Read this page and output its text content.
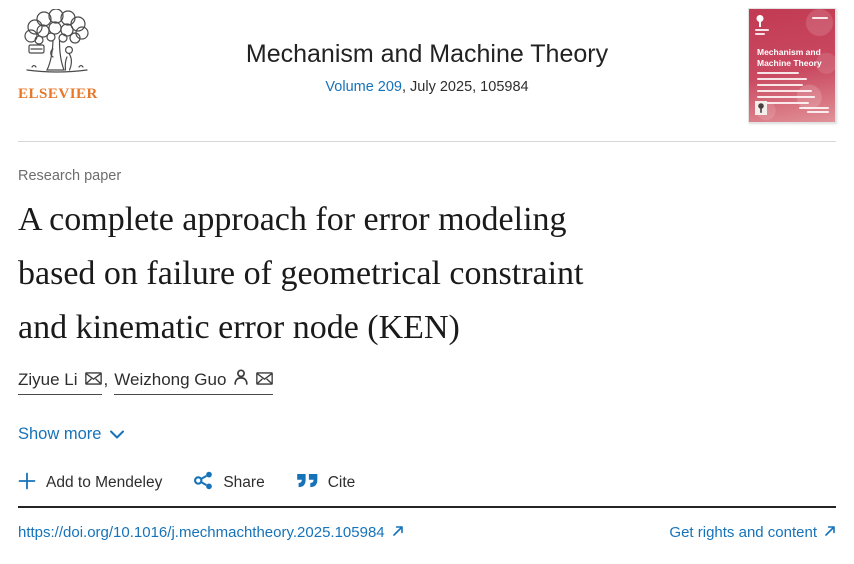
ELSEVIER
Mechanism and Machine Theory
Volume 209, July 2025, 105984
Mechanism and
Machine Theory
Research paper
A complete approach for error modeling
based on failure of geometrical constraint
and kinematic error node (KEN)
Ziyue Li , Weizhong Guo
Show more
Add to Mendeley	Share	Cite
https://doi.org/10.1016/j.mechmachtheory.2025.105984	Get rights and content
